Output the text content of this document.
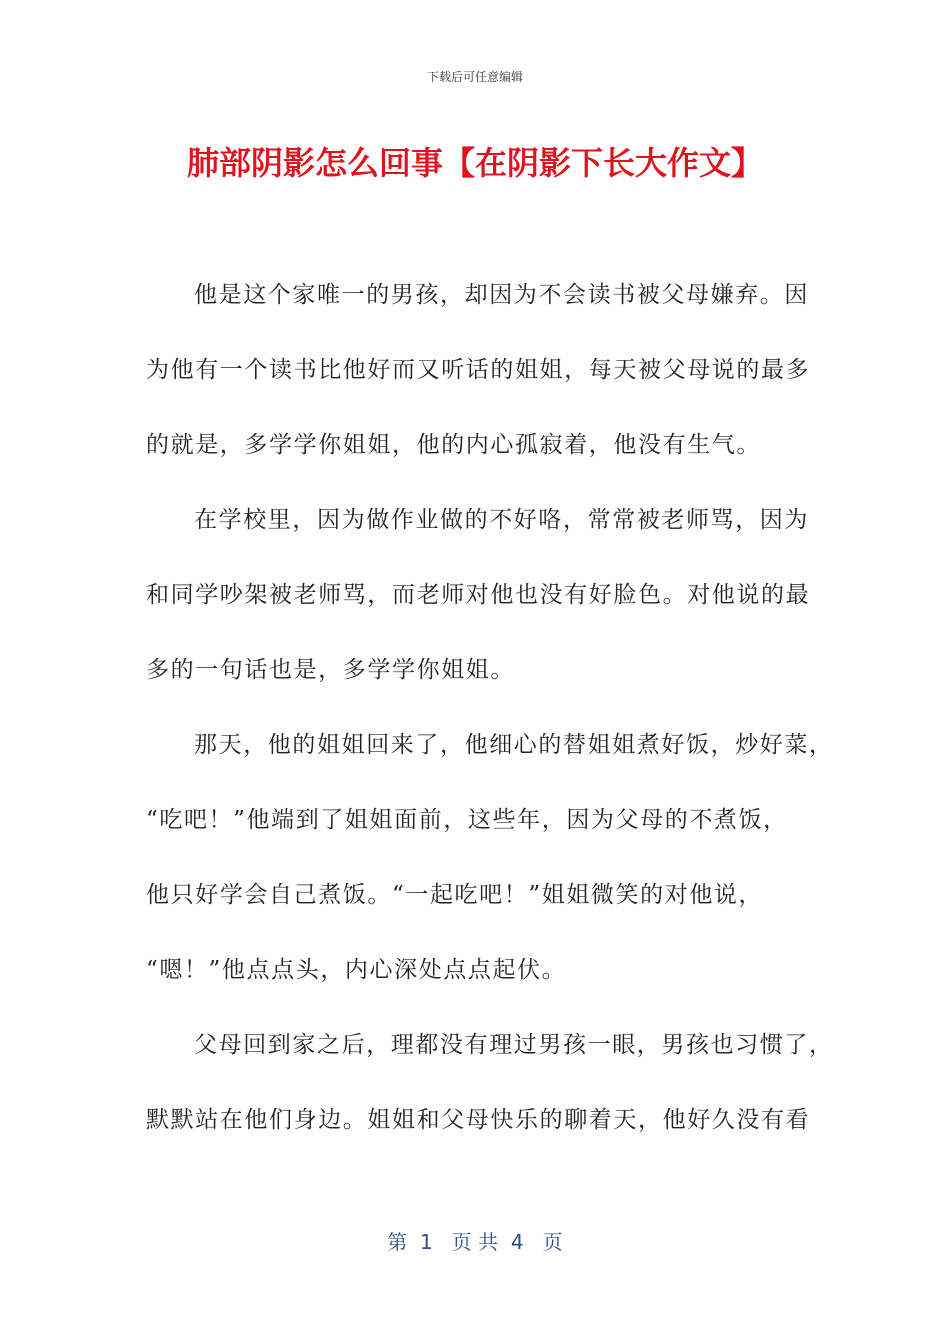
下载后可任意编辑
肺部阴影怎么回事【在阴影下长大作文】
他是这个家唯一的男孩，却因为不会读书被父母嫌弃。因
为他有一个读书比他好而又听话的姐姐，每天被父母说的最多
的就是，多学学你姐姐，他的内心孤寂着，他没有生气。
在学校里，因为做作业做的不好咯，常常被老师骂，因为
和同学吵架被老师骂，而老师对他也没有好脸色。对他说的最
多的一句话也是，多学学你姐姐。
那天，他的姐姐回来了，他细心的替姐姐煮好饭，炒好菜，
“吃吧！”他端到了姐姐面前，这些年，因为父母的不煮饭，
他只好学会自己煮饭。“一起吃吧！”姐姐微笑的对他说，
“嗯！”他点点头，内心深处点点起伏。
父母回到家之后，理都没有理过男孩一眼，男孩也习惯了，
默默站在他们身边。姐姐和父母快乐的聊着天，他好久没有看
第  1   页 共  4   页
